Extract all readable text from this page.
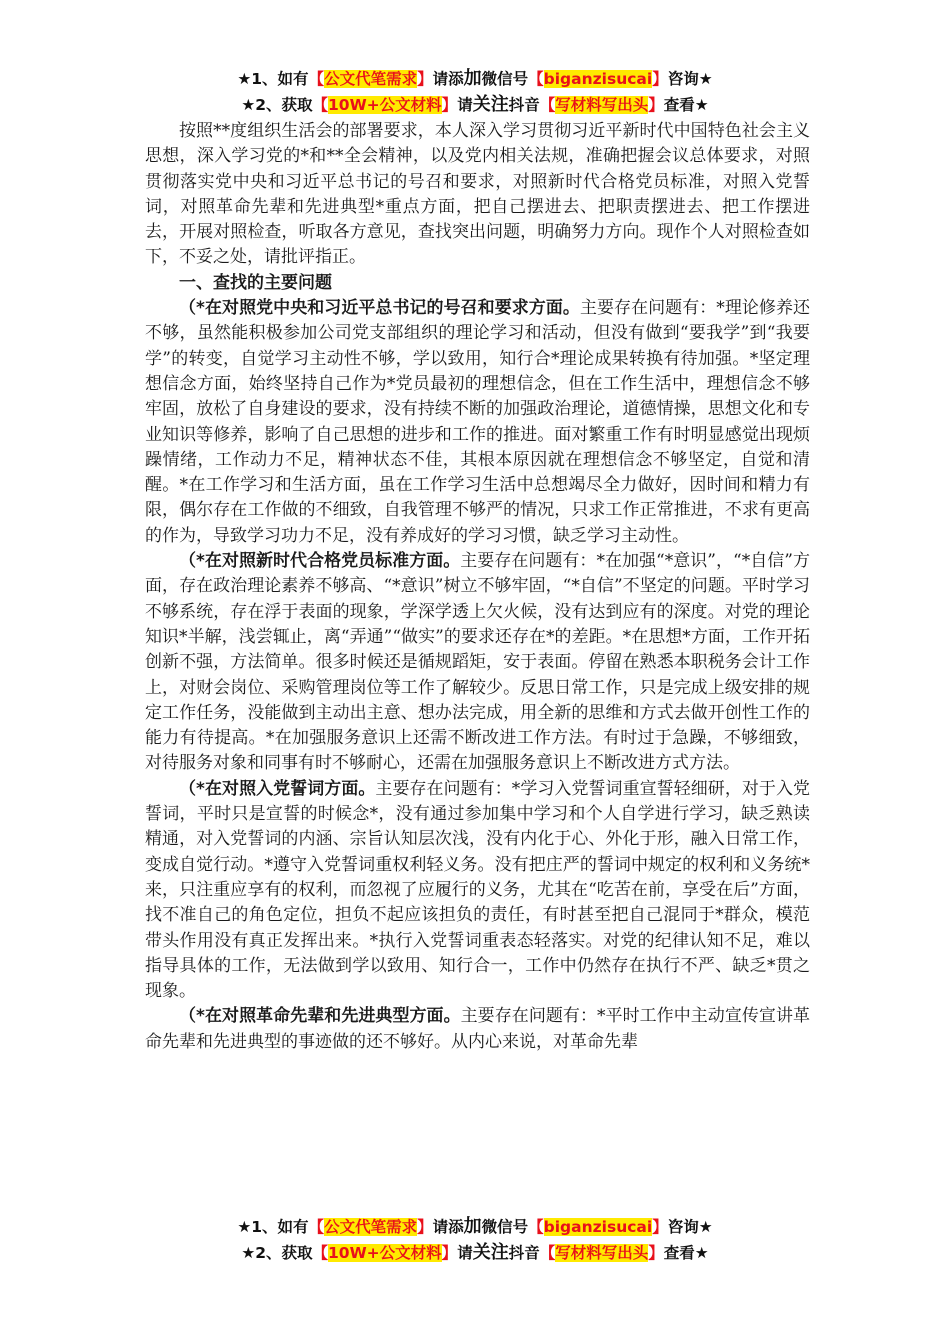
★1、如有【公文代笔需求】请添加微信号【biganzisucai】咨询★
★2、获取【10W+公文材料】请关注抖音【写材料写出头】查看★

按照**度组织生活会的部署要求，本人深入学习贯彻习近平新时代中国特色社会主义思想，深入学习党的*和**全会精神，以及党内相关法规，准确把握会议总体要求，对照贯彻落实党中央和习近平总书记的号召和要求，对照新时代合格党员标准，对照入党誓词，对照革命先辈和先进典型*重点方面，把自己摆进去、把职责摆进去、把工作摆进去，开展对照检查，听取各方意见，查找突出问题，明确努力方向。现作个人对照检查如下，不妥之处，请批评指正。

一、查找的主要问题

（*在对照党中央和习近平总书记的号召和要求方面。主要存在问题有：*理论修养还不够，虽然能积极参加公司党支部组织的理论学习和活动，但没有做到“要我学”到“我要学”的转变，自觉学习主动性不够，学以致用，知行合*理论成果转换有待加强。*坚定理想信念方面，始终坚持自己作为*党员最初的理想信念，但在工作生活中，理想信念不够牢固，放松了自身建设的要求，没有持续不断的加强政治理论，道德情操，思想文化和专业知识等修养，影响了自己思想的进步和工作的推进。面对繁重工作有时明显感觉出现烦躁情绪，工作动力不足，精神状态不佳，其根本原因就在理想信念不够坚定，自觉和清醒。*在工作学习和生活方面，虽在工作学习生活中总想竭尽全力做好，因时间和精力有限，偶尔存在工作做的不细致，自我管理不够严的情况，只求工作正常推进，不求有更高的作为，导致学习功力不足，没有养成好的学习习惯，缺乏学习主动性。

（*在对照新时代合格党员标准方面。主要存在问题有：*在加强“*意识”，“*自信”方面，存在政治理论素养不够高、“*意识”树立不够牢固，“*自信”不坚定的问题。平时学习不够系统，存在浮于表面的现象，学深学透上欠火候，没有达到应有的深度。对党的理论知识*半解，浅尝辄止，离“弄通”“做实”的要求还存在*的差距。*在思想*方面，工作开拓创新不强，方法简单。很多时候还是循规蹈矩，安于表面。停留在熟悉本职税务会计工作上，对财会岗位、采购管理岗位等工作了解较少。反思日常工作，只是完成上级安排的规定工作任务，没能做到主动出主意、想办法完成，用全新的思维和方式去做开创性工作的能力有待提高。*在加强服务意识上还需不断改进工作方法。有时过于急躁，不够细致，对待服务对象和同事有时不够耐心，还需在加强服务意识上不断改进方式方法。

（*在对照入党誓词方面。主要存在问题有：*学习入党誓词重宣誓轻细研，对于入党誓词，平时只是宣誓的时候念*，没有通过参加集中学习和个人自学进行学习，缺乏熟读精通，对入党誓词的内涵、宗旨认知层次浅，没有内化于心、外化于形，融入日常工作，变成自觉行动。*遵守入党誓词重权利轻义务。没有把庄严的誓词中规定的权利和义务统*来，只注重应享有的权利，而忽视了应履行的义务，尤其在“吃苦在前，享受在后”方面，找不准自己的角色定位，担负不起应该担负的责任，有时甚至把自己混同于*群众，模范带头作用没有真正发挥出来。*执行入党誓词重表态轻落实。对党的纪律认知不足，难以指导具体的工作，无法做到学以致用、知行合一，工作中仍然存在执行不严、缺乏*贯之现象。

（*在对照革命先辈和先进典型方面。主要存在问题有：*平时工作中主动宣传宣讲革命先辈和先进典型的事迹做的还不够好。从内心来说，对革命先辈

★1、如有【公文代笔需求】请添加微信号【biganzisucai】咨询★
★2、获取【10W+公文材料】请关注抖音【写材料写出头】查看★
